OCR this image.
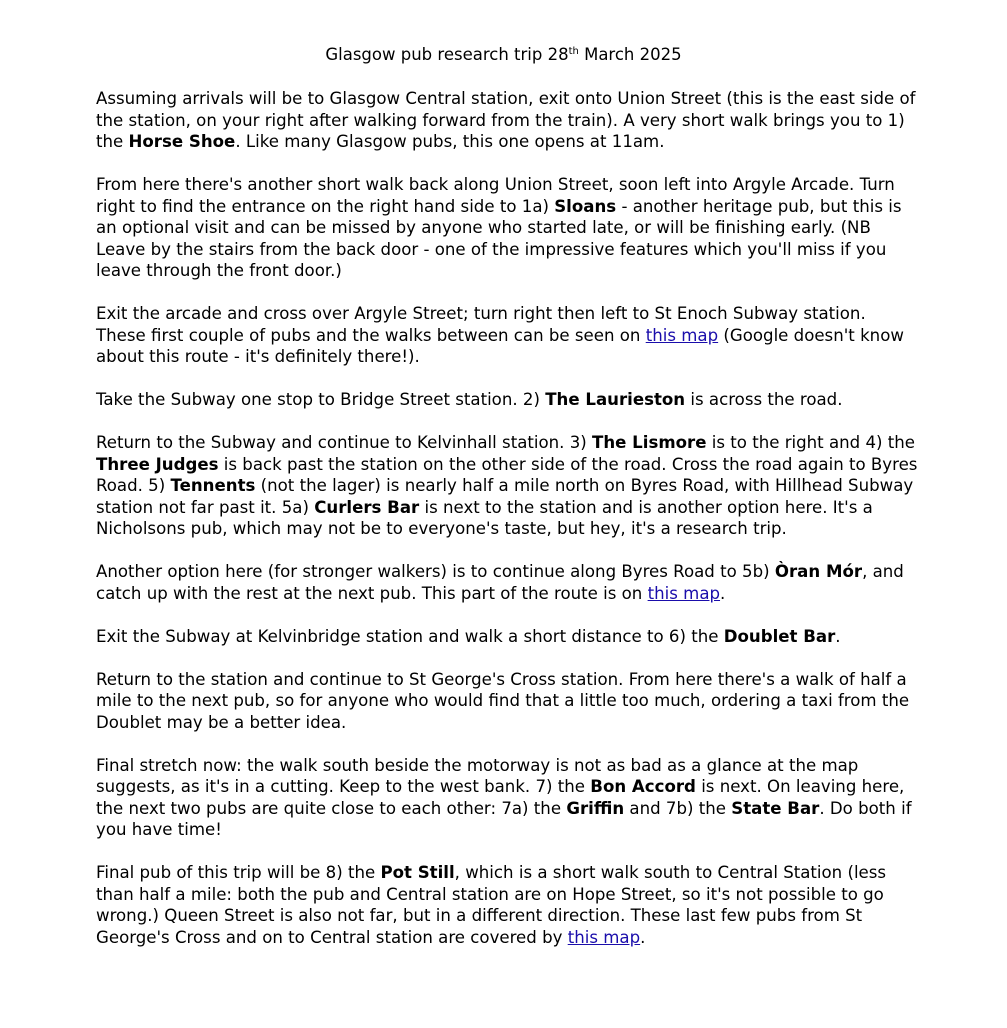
Glasgow pub research trip 28th March 2025

Assuming arrivals will be to Glasgow Central station, exit onto Union Street (this is the east side of the station, on your right after walking forward from the train). A very short walk brings you to 1) the Horse Shoe. Like many Glasgow pubs, this one opens at 11am.

From here there's another short walk back along Union Street, soon left into Argyle Arcade. Turn right to find the entrance on the right hand side to 1a) Sloans - another heritage pub, but this is an optional visit and can be missed by anyone who started late, or will be finishing early. (NB Leave by the stairs from the back door - one of the impressive features which you'll miss if you leave through the front door.)

Exit the arcade and cross over Argyle Street; turn right then left to St Enoch Subway station. These first couple of pubs and the walks between can be seen on this map (Google doesn't know about this route - it's definitely there!).

Take the Subway one stop to Bridge Street station. 2) The Laurieston is across the road.

Return to the Subway and continue to Kelvinhall station. 3) The Lismore is to the right and 4) the Three Judges is back past the station on the other side of the road. Cross the road again to Byres Road. 5) Tennents (not the lager) is nearly half a mile north on Byres Road, with Hillhead Subway station not far past it. 5a) Curlers Bar is next to the station and is another option here. It's a Nicholsons pub, which may not be to everyone's taste, but hey, it's a research trip.

Another option here (for stronger walkers) is to continue along Byres Road to 5b) Òran Mór, and catch up with the rest at the next pub. This part of the route is on this map.

Exit the Subway at Kelvinbridge station and walk a short distance to 6) the Doublet Bar.

Return to the station and continue to St George's Cross station. From here there's a walk of half a mile to the next pub, so for anyone who would find that a little too much, ordering a taxi from the Doublet may be a better idea.

Final stretch now: the walk south beside the motorway is not as bad as a glance at the map suggests, as it's in a cutting. Keep to the west bank. 7) the Bon Accord is next. On leaving here, the next two pubs are quite close to each other: 7a) the Griffin and 7b) the State Bar. Do both if you have time!

Final pub of this trip will be 8) the Pot Still, which is a short walk south to Central Station (less than half a mile: both the pub and Central station are on Hope Street, so it's not possible to go wrong.) Queen Street is also not far, but in a different direction. These last few pubs from St George's Cross and on to Central station are covered by this map.
